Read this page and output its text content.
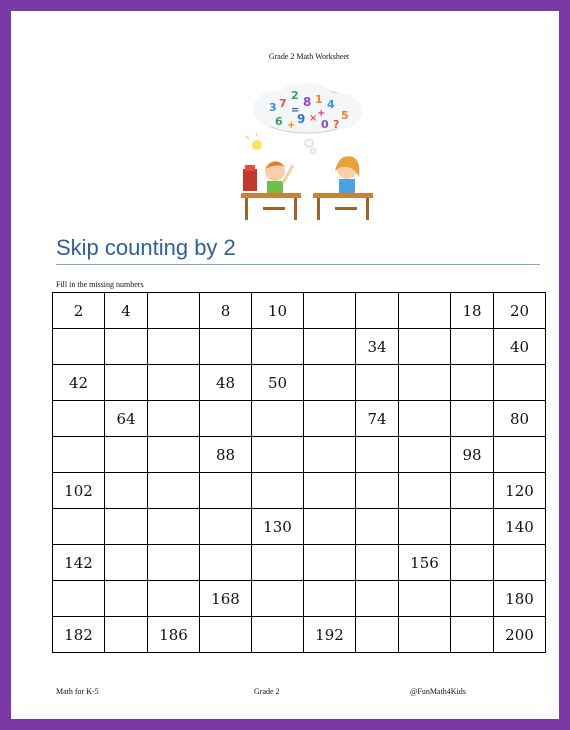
Grade 2 Math Worksheet
3 7
2 8 1 4
= +
6 9 × 5
+ 0 ?
Skip counting by 2
Fill in the missing numbers
2	4		8	10				18	20
						34			40
42			48	50					
	64					74			80
			88					98	
102									120
				130					140
142							156		
			168						180
182		186			192				200
Math for K-5	Grade 2	@FunMath4Kids
